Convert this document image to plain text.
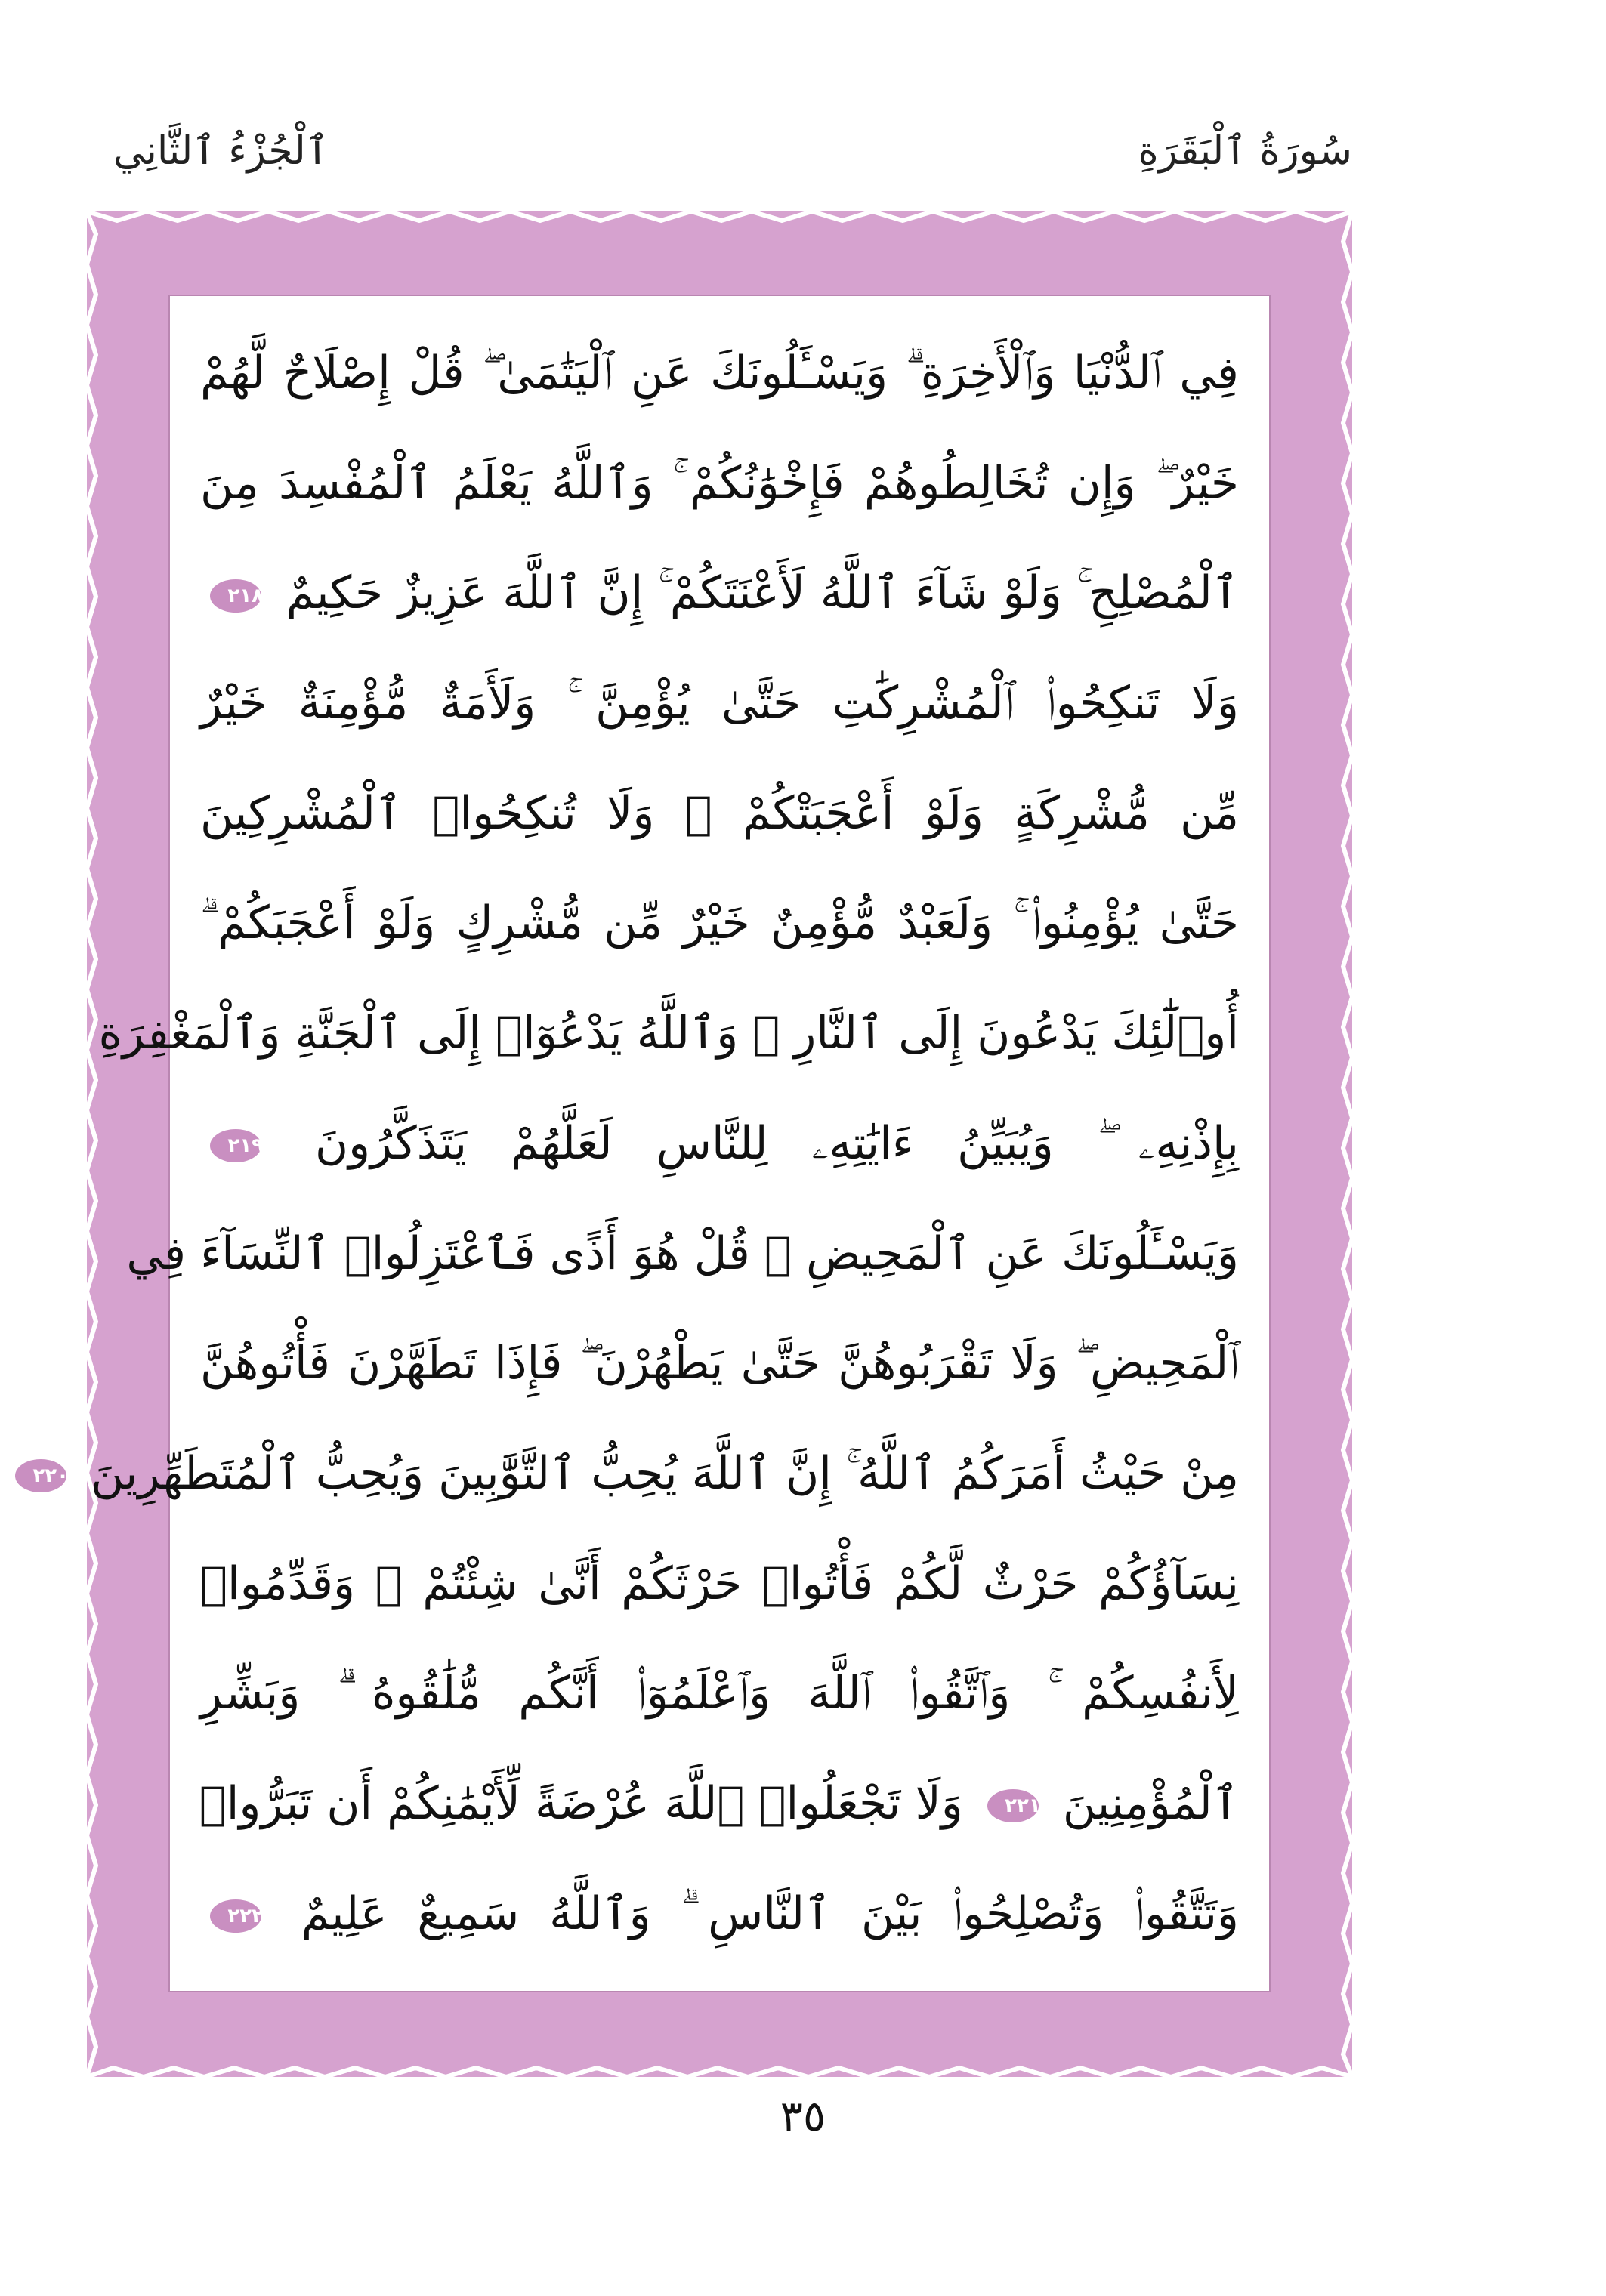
سُورَةُ ٱلْبَقَرَةِ
ٱلْجُزْءُ ٱلثَّانِي
فِي ٱلدُّنْيَا وَٱلْأَخِرَةِ ۗ وَيَسْـَٔلُونَكَ عَنِ ٱلْيَتَٰمَىٰ ۖ قُلْ إِصْلَاحٌ لَّهُمْ
خَيْرٌ ۖ وَإِن تُخَالِطُوهُمْ فَإِخْوَٰنُكُمْ ۚ وَٱللَّهُ يَعْلَمُ ٱلْمُفْسِدَ مِنَ
ٱلْمُصْلِحِ ۚ وَلَوْ شَآءَ ٱللَّهُ لَأَعْنَتَكُمْ ۚ إِنَّ ٱللَّهَ عَزِيزٌ حَكِيمٌ
٢١٨
وَلَا تَنكِحُوا۟ ٱلْمُشْرِكَٰتِ حَتَّىٰ يُؤْمِنَّ ۚ وَلَأَمَةٌ مُّؤْمِنَةٌ خَيْرٌ
مِّن مُّشْرِكَةٍ وَلَوْ أَعْجَبَتْكُمْ ۗ وَلَا تُنكِحُوا۟ ٱلْمُشْرِكِينَ
حَتَّىٰ يُؤْمِنُوا۟ ۚ وَلَعَبْدٌ مُّؤْمِنٌ خَيْرٌ مِّن مُّشْرِكٍ وَلَوْ أَعْجَبَكُمْ ۗ
أُو۟لَٰٓئِكَ يَدْعُونَ إِلَى ٱلنَّارِ ۖ وَٱللَّهُ يَدْعُوٓا۟ إِلَى ٱلْجَنَّةِ وَٱلْمَغْفِرَةِ
بِإِذْنِهِۦ ۖ وَيُبَيِّنُ ءَايَٰتِهِۦ لِلنَّاسِ لَعَلَّهُمْ يَتَذَكَّرُونَ
٢١٩
وَيَسْـَٔلُونَكَ عَنِ ٱلْمَحِيضِ ۖ قُلْ هُوَ أَذًى فَٱعْتَزِلُوا۟ ٱلنِّسَآءَ فِي
ٱلْمَحِيضِ ۖ وَلَا تَقْرَبُوهُنَّ حَتَّىٰ يَطْهُرْنَ ۖ فَإِذَا تَطَهَّرْنَ فَأْتُوهُنَّ
مِنْ حَيْثُ أَمَرَكُمُ ٱللَّهُ ۚ إِنَّ ٱللَّهَ يُحِبُّ ٱلتَّوَّٰبِينَ وَيُحِبُّ ٱلْمُتَطَهِّرِينَ
٢٢٠
نِسَآؤُكُمْ حَرْثٌ لَّكُمْ فَأْتُوا۟ حَرْثَكُمْ أَنَّىٰ شِئْتُمْ ۖ وَقَدِّمُوا۟
لِأَنفُسِكُمْ ۚ وَٱتَّقُوا۟ ٱللَّهَ وَٱعْلَمُوٓا۟ أَنَّكُم مُّلَٰقُوهُ ۗ وَبَشِّرِ
ٱلْمُؤْمِنِينَ
٢٢١
وَلَا تَجْعَلُوا۟ ٱللَّهَ عُرْضَةً لِّأَيْمَٰنِكُمْ أَن تَبَرُّوا۟
وَتَتَّقُوا۟ وَتُصْلِحُوا۟ بَيْنَ ٱلنَّاسِ ۗ وَٱللَّهُ سَمِيعٌ عَلِيمٌ
٢٢٢
٣٥
